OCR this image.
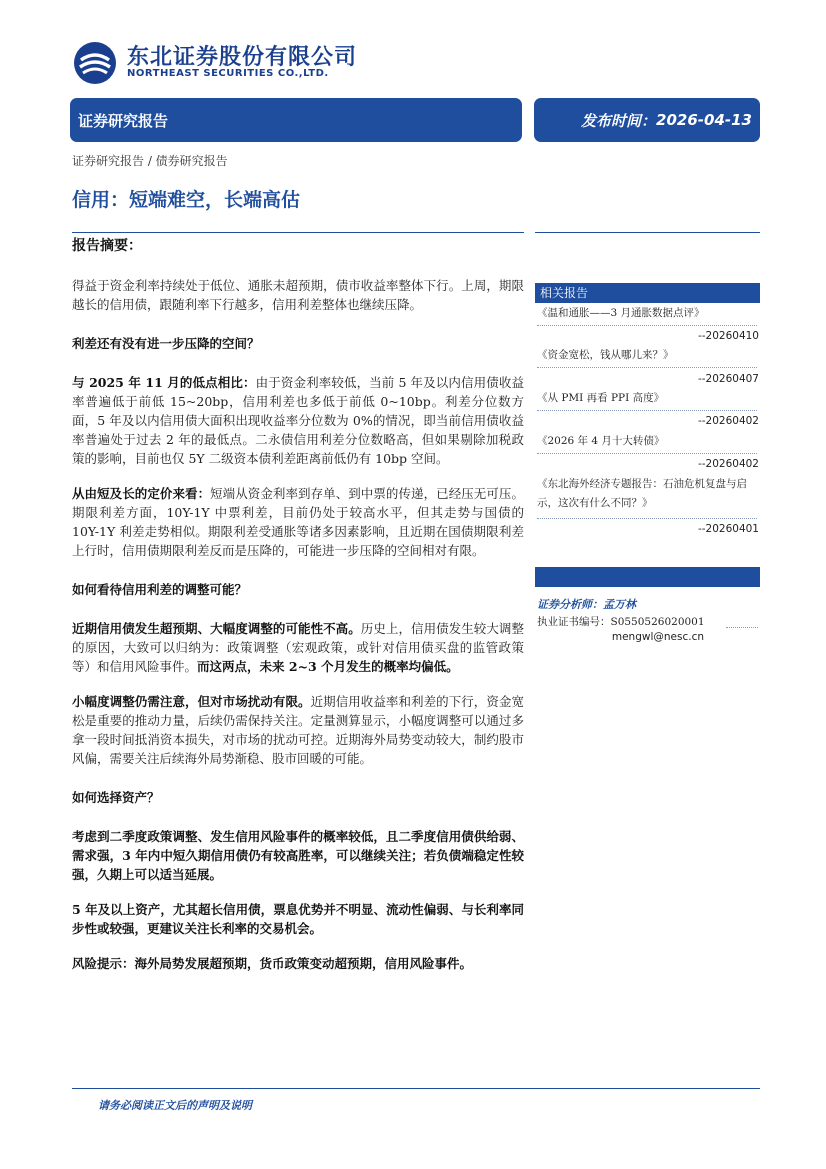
东北证券股份有限公司
NORTHEAST SECURITIES CO.,LTD.
证券研究报告	发布时间： 2026-04-13
证券研究报告 / 债券研究报告
信用：短端难空，长端高估

报告摘要：

得益于资金利率持续处于低位、通胀未超预期，债市收益率整体下行。上周，期限越长的信用债，跟随利率下行越多，信用利差整体也继续压降。

利差还有没有进一步压降的空间？

与 2025 年 11 月的低点相比：由于资金利率较低，当前 5 年及以内信用债收益率普遍低于前低 15~20bp，信用利差也多低于前低 0~10bp。利差分位数方面，5 年及以内信用债大面积出现收益率分位数为 0%的情况，即当前信用债收益率普遍处于过去 2 年的最低点。二永债信用利差分位数略高，但如果剔除加税政策的影响，目前也仅 5Y 二级资本债利差距离前低仍有 10bp 空间。

从由短及长的定价来看：短端从资金利率到存单、到中票的传递，已经压无可压。期限利差方面，10Y-1Y 中票利差，目前仍处于较高水平，但其走势与国债的 10Y-1Y 利差走势相似。期限利差受通胀等诸多因素影响，且近期在国债期限利差上行时，信用债期限利差反而是压降的，可能进一步压降的空间相对有限。

如何看待信用利差的调整可能？

近期信用债发生超预期、大幅度调整的可能性不高。历史上，信用债发生较大调整的原因，大致可以归纳为：政策调整（宏观政策，或针对信用债买盘的监管政策等）和信用风险事件。而这两点，未来 2~3 个月发生的概率均偏低。

小幅度调整仍需注意，但对市场扰动有限。近期信用收益率和利差的下行，资金宽松是重要的推动力量，后续仍需保持关注。定量测算显示，小幅度调整可以通过多拿一段时间抵消资本损失，对市场的扰动可控。近期海外局势变动较大，制约股市风偏，需要关注后续海外局势渐稳、股市回暖的可能。

如何选择资产？

考虑到二季度政策调整、发生信用风险事件的概率较低，且二季度信用债供给弱、需求强，3 年内中短久期信用债仍有较高胜率，可以继续关注；若负债端稳定性较强，久期上可以适当延展。

5 年及以上资产，尤其超长信用债，票息优势并不明显、流动性偏弱、与长利率同步性或较强，更建议关注长利率的交易机会。

风险提示：海外局势发展超预期，货币政策变动超预期，信用风险事件。

相关报告
《温和通胀——3 月通胀数据点评》
--20260410
《资金宽松，钱从哪儿来？》
--20260407
《从 PMI 再看 PPI 高度》
--20260402
《2026 年 4 月十大转债》
--20260402
《东北海外经济专题报告：石油危机复盘与启示，这次有什么不同？》
--20260401
证券分析师：孟万林
执业证书编号：S0550526020001
mengwl@nesc.cn
请务必阅读正文后的声明及说明
